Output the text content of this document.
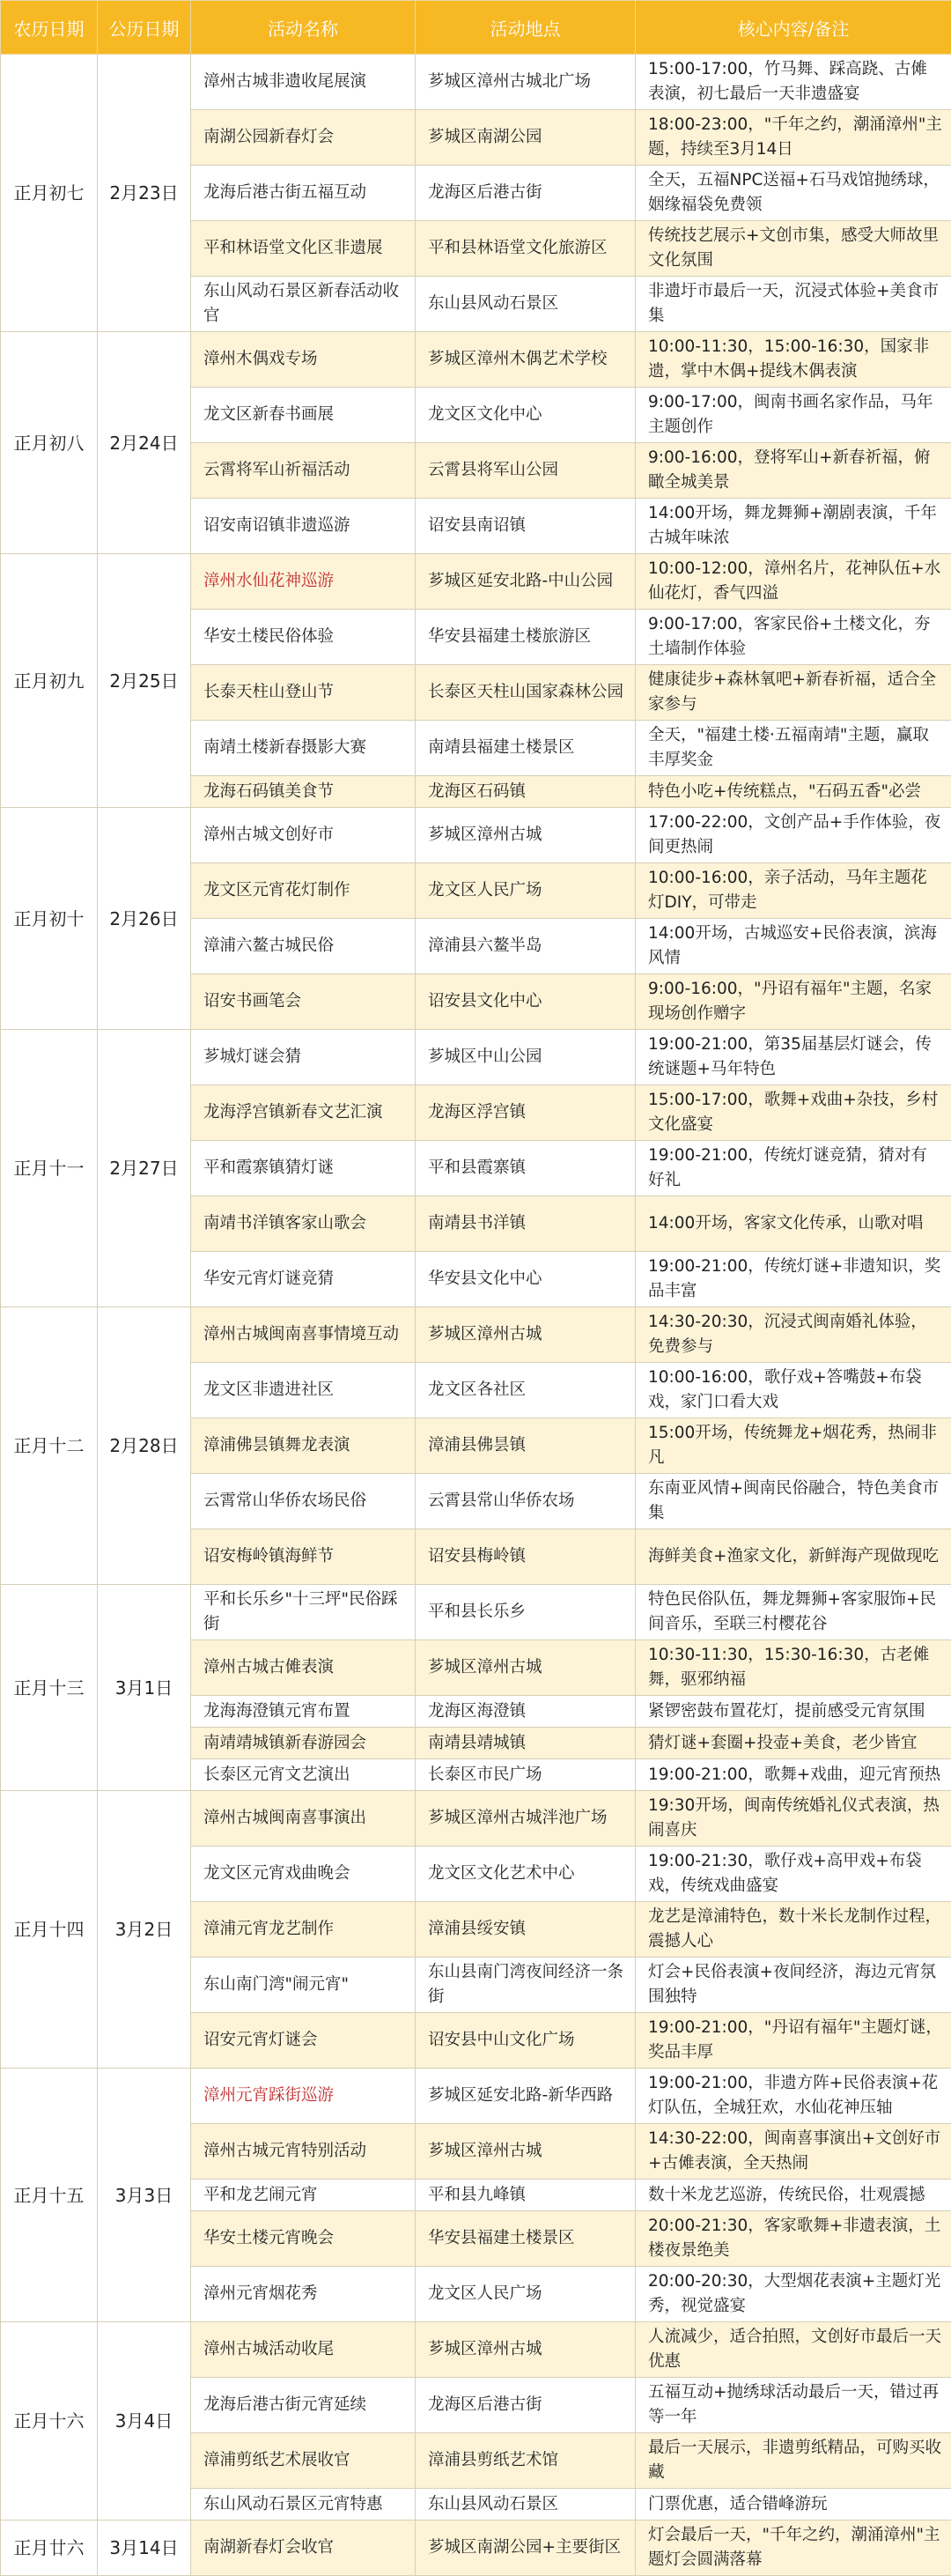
农历日期	公历日期	活动名称	活动地点	核心内容/备注
正月初七	2月23日	漳州古城非遗收尾展演	芗城区漳州古城北广场	15:00-17:00，竹马舞、踩高跷、古傩表演，初七最后一天非遗盛宴
		南湖公园新春灯会	芗城区南湖公园	18:00-23:00，"千年之约，潮涌漳州"主题，持续至3月14日
		龙海后港古街五福互动	龙海区后港古街	全天，五福NPC送福+石马戏馆抛绣球，姻缘福袋免费领
		平和林语堂文化区非遗展	平和县林语堂文化旅游区	传统技艺展示+文创市集，感受大师故里文化氛围
		东山风动石景区新春活动收官	东山县风动石景区	非遗圩市最后一天，沉浸式体验+美食市集
正月初八	2月24日	漳州木偶戏专场	芗城区漳州木偶艺术学校	10:00-11:30，15:00-16:30，国家非遗，掌中木偶+提线木偶表演
		龙文区新春书画展	龙文区文化中心	9:00-17:00，闽南书画名家作品，马年主题创作
		云霄将军山祈福活动	云霄县将军山公园	9:00-16:00，登将军山+新春祈福，俯瞰全城美景
		诏安南诏镇非遗巡游	诏安县南诏镇	14:00开场，舞龙舞狮+潮剧表演，千年古城年味浓
正月初九	2月25日	漳州水仙花神巡游	芗城区延安北路-中山公园	10:00-12:00，漳州名片，花神队伍+水仙花灯，香气四溢
		华安土楼民俗体验	华安县福建土楼旅游区	9:00-17:00，客家民俗+土楼文化，夯土墙制作体验
		长泰天柱山登山节	长泰区天柱山国家森林公园	健康徒步+森林氧吧+新春祈福，适合全家参与
		南靖土楼新春摄影大赛	南靖县福建土楼景区	全天，"福建土楼·五福南靖"主题，赢取丰厚奖金
		龙海石码镇美食节	龙海区石码镇	特色小吃+传统糕点，"石码五香"必尝
正月初十	2月26日	漳州古城文创好市	芗城区漳州古城	17:00-22:00，文创产品+手作体验，夜间更热闹
		龙文区元宵花灯制作	龙文区人民广场	10:00-16:00，亲子活动，马年主题花灯DIY，可带走
		漳浦六鳌古城民俗	漳浦县六鳌半岛	14:00开场，古城巡安+民俗表演，滨海风情
		诏安书画笔会	诏安县文化中心	9:00-16:00，"丹诏有福年"主题，名家现场创作赠字
正月十一	2月27日	芗城灯谜会猜	芗城区中山公园	19:00-21:00，第35届基层灯谜会，传统谜题+马年特色
		龙海浮宫镇新春文艺汇演	龙海区浮宫镇	15:00-17:00，歌舞+戏曲+杂技，乡村文化盛宴
		平和霞寨镇猜灯谜	平和县霞寨镇	19:00-21:00，传统灯谜竞猜，猜对有好礼
		南靖书洋镇客家山歌会	南靖县书洋镇	14:00开场，客家文化传承，山歌对唱
		华安元宵灯谜竞猜	华安县文化中心	19:00-21:00，传统灯谜+非遗知识，奖品丰富
正月十二	2月28日	漳州古城闽南喜事情境互动	芗城区漳州古城	14:30-20:30，沉浸式闽南婚礼体验，免费参与
		龙文区非遗进社区	龙文区各社区	10:00-16:00，歌仔戏+答嘴鼓+布袋戏，家门口看大戏
		漳浦佛昙镇舞龙表演	漳浦县佛昙镇	15:00开场，传统舞龙+烟花秀，热闹非凡
		云霄常山华侨农场民俗	云霄县常山华侨农场	东南亚风情+闽南民俗融合，特色美食市集
		诏安梅岭镇海鲜节	诏安县梅岭镇	海鲜美食+渔家文化，新鲜海产现做现吃
正月十三	3月1日	平和长乐乡"十三坪"民俗踩街	平和县长乐乡	特色民俗队伍，舞龙舞狮+客家服饰+民间音乐，至联三村樱花谷
		漳州古城古傩表演	芗城区漳州古城	10:30-11:30，15:30-16:30，古老傩舞，驱邪纳福
		龙海海澄镇元宵布置	龙海区海澄镇	紧锣密鼓布置花灯，提前感受元宵氛围
		南靖靖城镇新春游园会	南靖县靖城镇	猜灯谜+套圈+投壶+美食，老少皆宜
		长泰区元宵文艺演出	长泰区市民广场	19:00-21:00，歌舞+戏曲，迎元宵预热
正月十四	3月2日	漳州古城闽南喜事演出	芗城区漳州古城泮池广场	19:30开场，闽南传统婚礼仪式表演，热闹喜庆
		龙文区元宵戏曲晚会	龙文区文化艺术中心	19:00-21:30，歌仔戏+高甲戏+布袋戏，传统戏曲盛宴
		漳浦元宵龙艺制作	漳浦县绥安镇	龙艺是漳浦特色，数十米长龙制作过程，震撼人心
		东山南门湾"闹元宵"	东山县南门湾夜间经济一条街	灯会+民俗表演+夜间经济，海边元宵氛围独特
		诏安元宵灯谜会	诏安县中山文化广场	19:00-21:00，"丹诏有福年"主题灯谜，奖品丰厚
正月十五	3月3日	漳州元宵踩街巡游	芗城区延安北路-新华西路	19:00-21:00，非遗方阵+民俗表演+花灯队伍，全城狂欢，水仙花神压轴
		漳州古城元宵特别活动	芗城区漳州古城	14:30-22:00，闽南喜事演出+文创好市+古傩表演，全天热闹
		平和龙艺闹元宵	平和县九峰镇	数十米龙艺巡游，传统民俗，壮观震撼
		华安土楼元宵晚会	华安县福建土楼景区	20:00-21:30，客家歌舞+非遗表演，土楼夜景绝美
		漳州元宵烟花秀	龙文区人民广场	20:00-20:30，大型烟花表演+主题灯光秀，视觉盛宴
正月十六	3月4日	漳州古城活动收尾	芗城区漳州古城	人流减少，适合拍照，文创好市最后一天优惠
		龙海后港古街元宵延续	龙海区后港古街	五福互动+抛绣球活动最后一天，错过再等一年
		漳浦剪纸艺术展收官	漳浦县剪纸艺术馆	最后一天展示，非遗剪纸精品，可购买收藏
		东山风动石景区元宵特惠	东山县风动石景区	门票优惠，适合错峰游玩
正月廿六	3月14日	南湖新春灯会收官	芗城区南湖公园+主要街区	灯会最后一天，"千年之约，潮涌漳州"主题灯会圆满落幕
